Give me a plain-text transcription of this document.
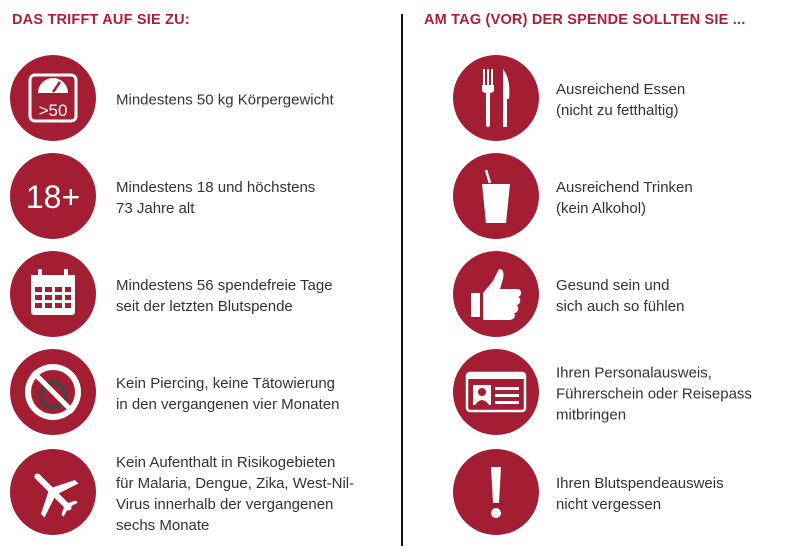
DAS TRIFFT AUF SIE ZU:	AM TAG (VOR) DER SPENDE SOLLTEN SIE ...
>50
Mindestens 50 kg Körpergewicht
18+ Mindestens 18 und höchstens
73 Jahre alt
Mindestens 56 spendefreie Tage
seit der letzten Blutspende
Kein Piercing, keine Tätowierung
in den vergangenen vier Monaten
Kein Aufenthalt in Risikogebieten
für Malaria, Dengue, Zika, West-Nil-
Virus innerhalb der vergangenen
sechs Monate
Ausreichend Essen
(nicht zu fetthaltig)
Ausreichend Trinken
(kein Alkohol)
Gesund sein und
sich auch so fühlen
Ihren Personalausweis,
Führerschein oder Reisepass
mitbringen
Ihren Blutspendeausweis
nicht vergessen
